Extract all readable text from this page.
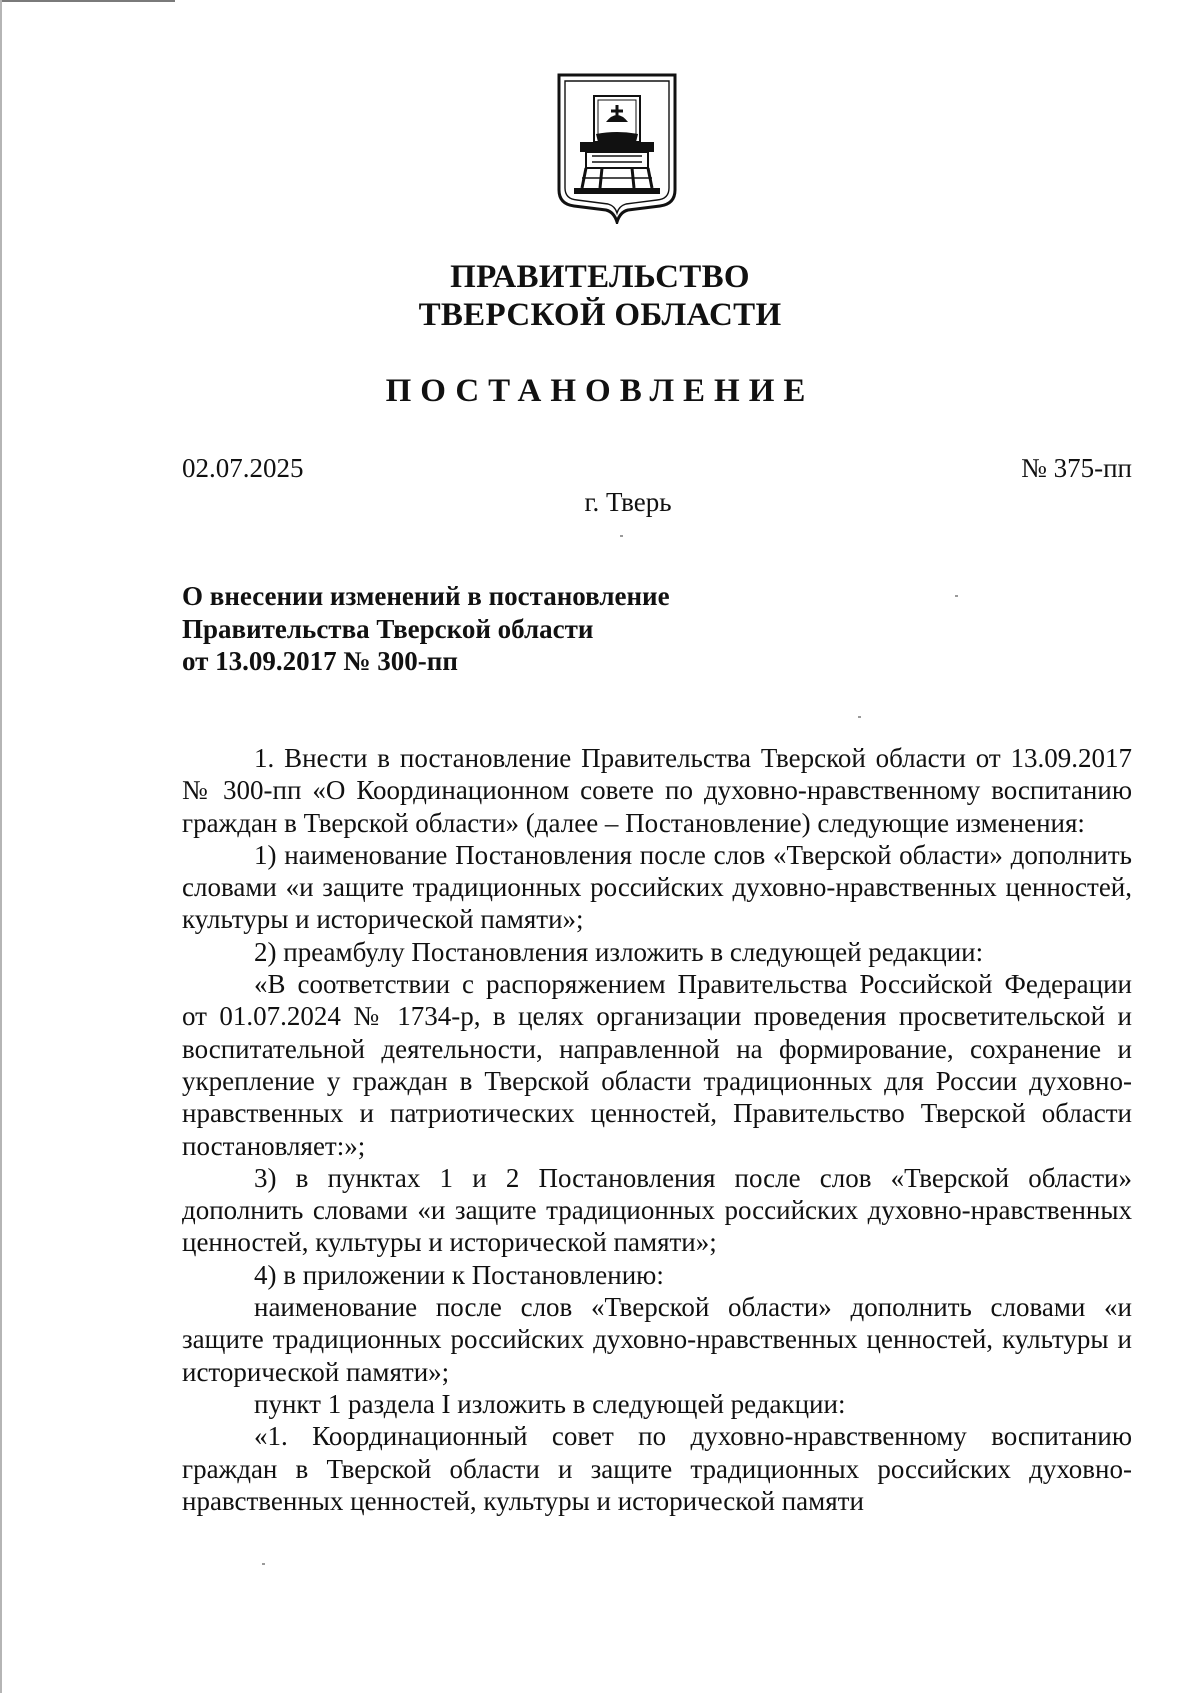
ПРАВИТЕЛЬСТВО
ТВЕРСКОЙ ОБЛАСТИ
ПОСТАНОВЛЕНИЕ
02.07.2025	№ 375-пп
г. Тверь
О внесении изменений в постановление
Правительства Тверской области
от 13.09.2017 № 300-пп

1. Внести в постановление Правительства Тверской области от 13.09.2017 № 300-пп «О Координационном совете по духовно-нравственному воспитанию граждан в Тверской области» (далее – Постановление) следующие изменения:

1) наименование Постановления после слов «Тверской области» дополнить словами «и защите традиционных российских духовно-нравственных ценностей, культуры и исторической памяти»;

2) преамбулу Постановления изложить в следующей редакции:

«В соответствии с распоряжением Правительства Российской Федерации от 01.07.2024 № 1734-р, в целях организации проведения просветительской и воспитательной деятельности, направленной на формирование, сохранение и укрепление у граждан в Тверской области традиционных для России духовно-нравственных и патриотических ценностей, Правительство Тверской области постановляет:»;

3) в пунктах 1 и 2 Постановления после слов «Тверской области» дополнить словами «и защите традиционных российских духовно-нравственных ценностей, культуры и исторической памяти»;

4) в приложении к Постановлению:

наименование после слов «Тверской области» дополнить словами «и защите традиционных российских духовно-нравственных ценностей, культуры и исторической памяти»;

пункт 1 раздела I изложить в следующей редакции:

«1. Координационный совет по духовно-нравственному воспитанию граждан в Тверской области и защите традиционных российских духовно-нравственных ценностей, культуры и исторической памяти
